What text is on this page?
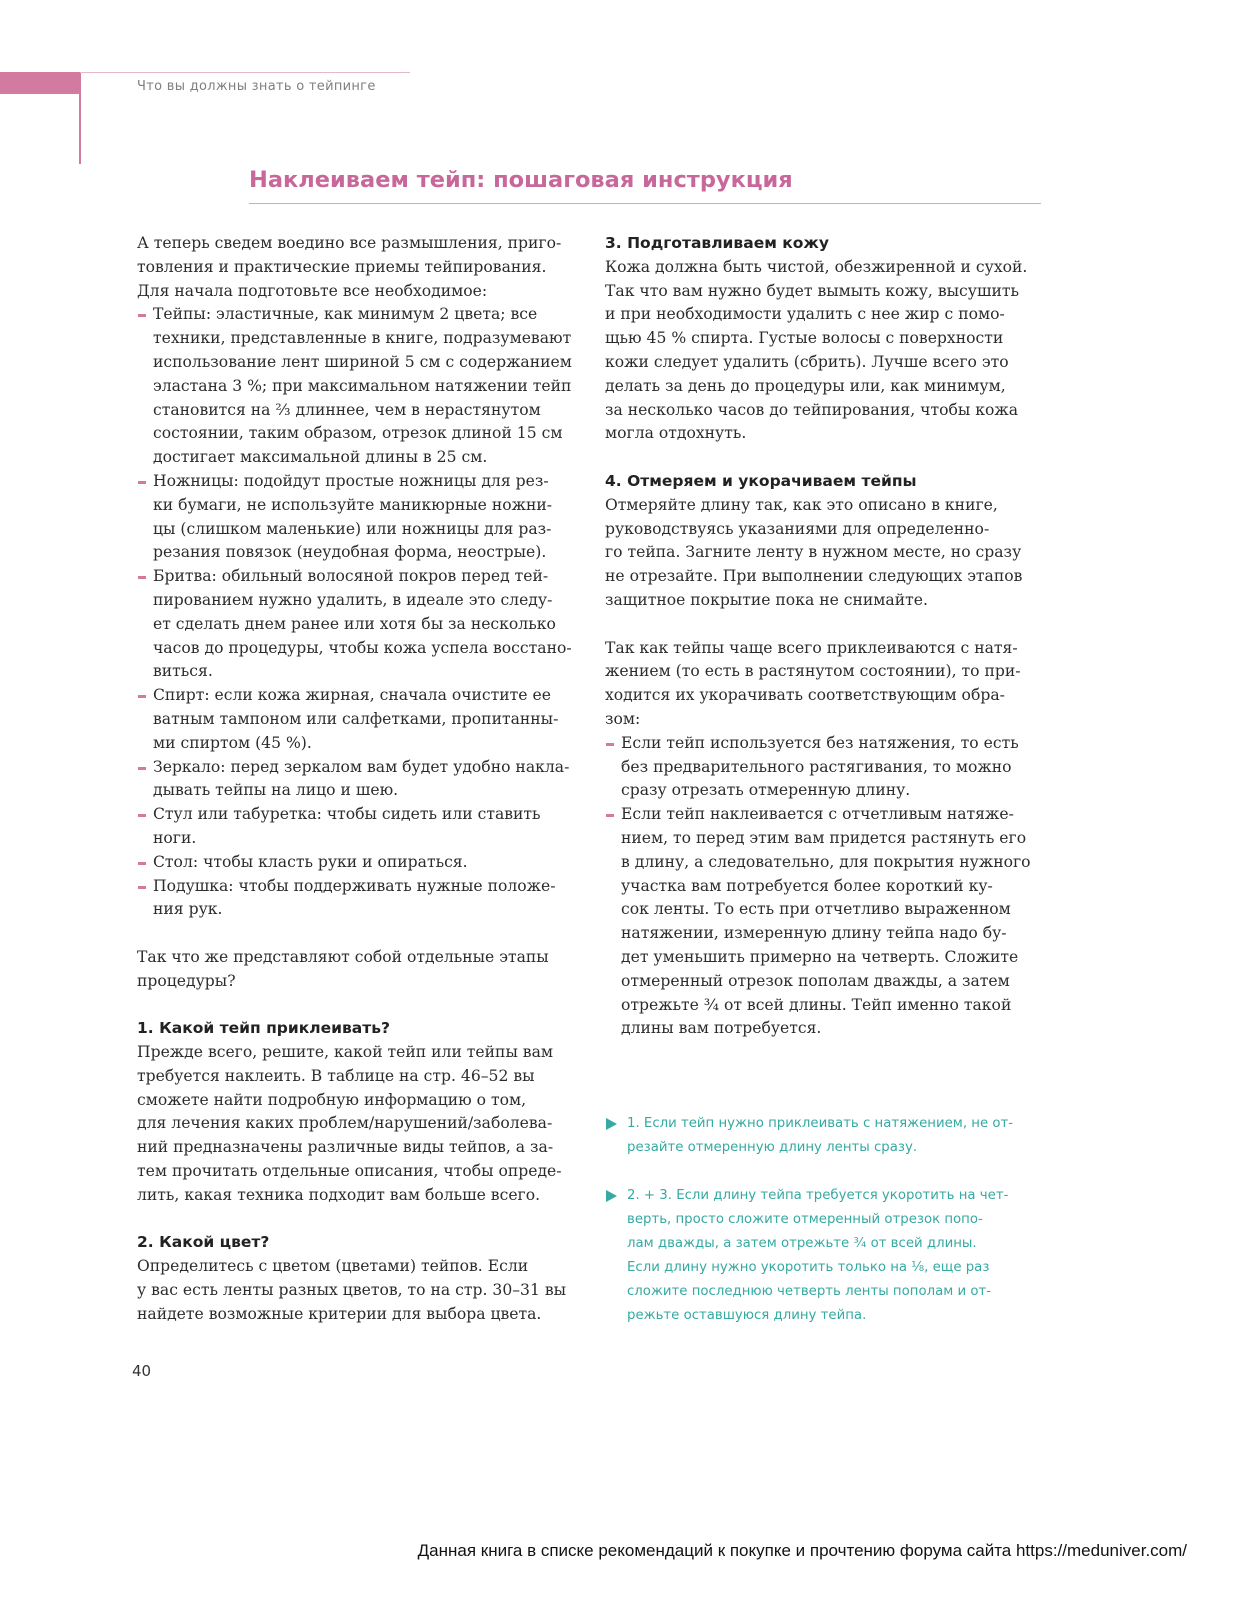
Что вы должны знать о тейпинге
Наклеиваем тейп: пошаговая инструкция

А теперь сведем воедино все размышления, приго-
товления и практические приемы тейпирования.
Для начала подготовьте все необходимое:

Тейпы: эластичные, как минимум 2 цвета; все
техники, представленные в книге, подразумевают
использование лент шириной 5 см с содержанием
эластана 3 %; при максимальном натяжении тейп
становится на ⅔ длиннее, чем в нерастянутом
состоянии, таким образом, отрезок длиной 15 см
достигает максимальной длины в 25 см.
Ножницы: подойдут простые ножницы для рез-
ки бумаги, не используйте маникюрные ножни-
цы (слишком маленькие) или ножницы для раз-
резания повязок (неудобная форма, неострые).
Бритва: обильный волосяной покров перед тей-
пированием нужно удалить, в идеале это следу-
ет сделать днем ранее или хотя бы за несколько
часов до процедуры, чтобы кожа успела восстано-
виться.
Спирт: если кожа жирная, сначала очистите ее
ватным тампоном или салфетками, пропитанны-
ми спиртом (45 %).
Зеркало: перед зеркалом вам будет удобно накла-
дывать тейпы на лицо и шею.
Стул или табуретка: чтобы сидеть или ставить
ноги.
Стол: чтобы класть руки и опираться.
Подушка: чтобы поддерживать нужные положе-
ния рук.

Так что же представляют собой отдельные этапы
процедуры?

1. Какой тейп приклеивать?

Прежде всего, решите, какой тейп или тейпы вам
требуется наклеить. В таблице на стр. 46–52 вы
сможете найти подробную информацию о том,
для лечения каких проблем/нарушений/заболева-
ний предназначены различные виды тейпов, а за-
тем прочитать отдельные описания, чтобы опреде-
лить, какая техника подходит вам больше всего.

2. Какой цвет?

Определитесь с цветом (цветами) тейпов. Если
у вас есть ленты разных цветов, то на стр. 30–31 вы
найдете возможные критерии для выбора цвета.

3. Подготавливаем кожу

Кожа должна быть чистой, обезжиренной и сухой.
Так что вам нужно будет вымыть кожу, высушить
и при необходимости удалить с нее жир с помо-
щью 45 % спирта. Густые волосы с поверхности
кожи следует удалить (сбрить). Лучше всего это
делать за день до процедуры или, как минимум,
за несколько часов до тейпирования, чтобы кожа
могла отдохнуть.

4. Отмеряем и укорачиваем тейпы

Отмеряйте длину так, как это описано в книге,
руководствуясь указаниями для определенно-
го тейпа. Загните ленту в нужном месте, но сразу
не отрезайте. При выполнении следующих этапов
защитное покрытие пока не снимайте.

Так как тейпы чаще всего приклеиваются с натя-
жением (то есть в растянутом состоянии), то при-
ходится их укорачивать соответствующим обра-
зом:

Если тейп используется без натяжения, то есть
без предварительного растягивания, то можно
сразу отрезать отмеренную длину.
Если тейп наклеивается с отчетливым натяже-
нием, то перед этим вам придется растянуть его
в длину, а следовательно, для покрытия нужного
участка вам потребуется более короткий ку-
сок ленты. То есть при отчетливо выраженном
натяжении, измеренную длину тейпа надо бу-
дет уменьшить примерно на четверть. Сложите
отмеренный отрезок пополам дважды, а затем
отрежьте ¾ от всей длины. Тейп именно такой
длины вам потребуется.
1. Если тейп нужно приклеивать с натяжением, не от-
резайте отмеренную длину ленты сразу.
2. + 3. Если длину тейпа требуется укоротить на чет-
верть, просто сложите отмеренный отрезок попо-
лам дважды, а затем отрежьте ¾ от всей длины.
Если длину нужно укоротить только на ⅛, еще раз
сложите последнюю четверть ленты пополам и от-
режьте оставшуюся длину тейпа.
40
Данная книга в списке рекомендаций к покупке и прочтению форума сайта https://meduniver.com/
